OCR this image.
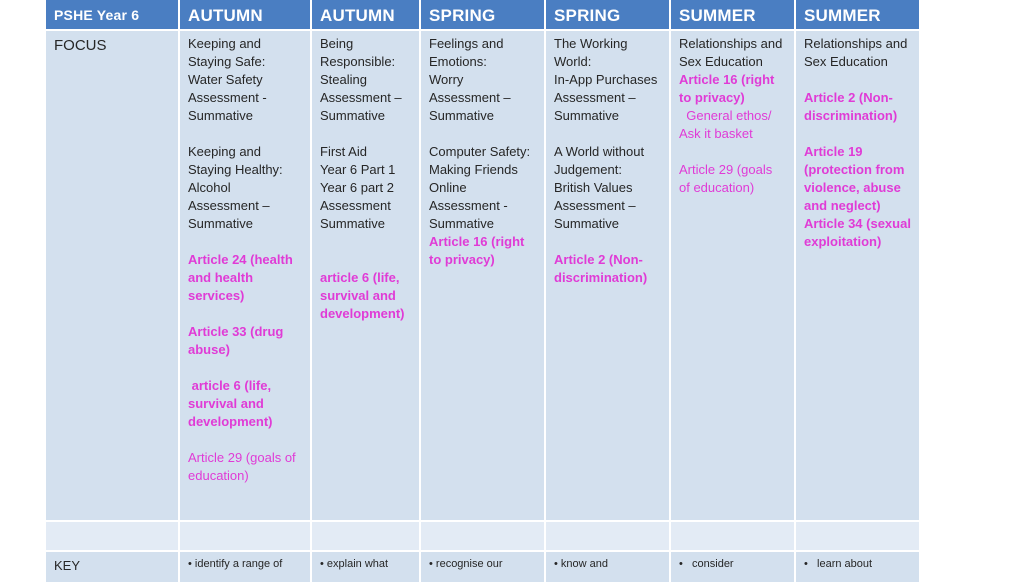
PSHE Year 6
FOCUS
KEY
AUTUMN

Keeping and

Staying Safe:

Water Safety

Assessment -

Summative

Keeping and

Staying Healthy:

Alcohol

Assessment –

Summative

Article 24 (health

and health

services)

Article 33 (drug

abuse)

article 6 (life,

survival and

development)

Article 29 (goals of

education)

• identify a range of
AUTUMN

Being

Responsible:

Stealing

Assessment –

Summative

First Aid

Year 6 Part 1

Year 6 part 2

Assessment

Summative

article 6 (life,

survival and

development)

• explain what
SPRING

Feelings and

Emotions:

Worry

Assessment –

Summative

Computer Safety:

Making Friends

Online

Assessment -

Summative

Article 16 (right

to privacy)

• recognise our
SPRING

The Working

World:

In-App Purchases

Assessment –

Summative

A World without

Judgement:

British Values

Assessment –

Summative

Article 2 (Non-

discrimination)

• know and
SUMMER

Relationships and

Sex Education

Article 16 (right

to privacy)

General ethos/

Ask it basket

Article 29 (goals

of education)

•   consider
SUMMER

Relationships and

Sex Education

Article 2 (Non-

discrimination)

Article 19

(protection from

violence, abuse

and neglect)

Article 34 (sexual

exploitation)

•   learn about
